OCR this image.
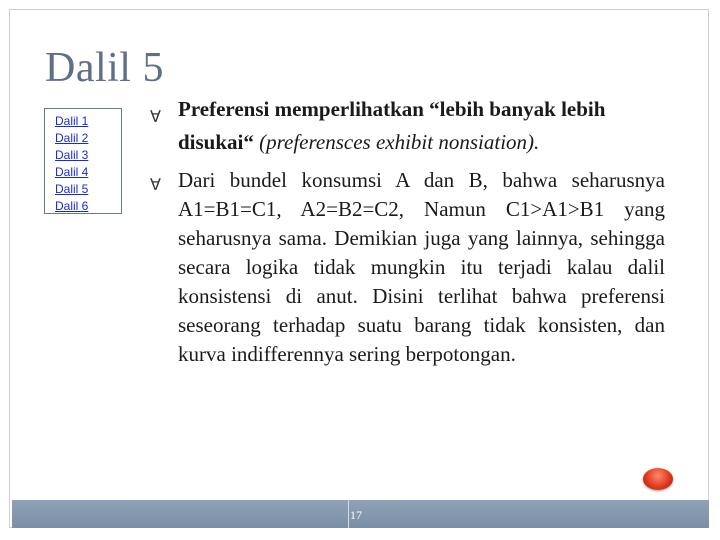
Dalil 5
Dalil 1
Dalil 2
Dalil 3
Dalil 4
Dalil 5
Dalil 6
∀ Preferensi memperlihatkan “lebih banyak lebih disukai“ (preferensces exhibit nonsiation).
∀ Dari bundel konsumsi A dan B, bahwa seharusnya A1=B1=C1, A2=B2=C2, Namun C1>A1>B1 yang seharusnya sama. Demikian juga yang lainnya, sehingga secara logika tidak mungkin itu terjadi kalau dalil konsistensi di anut. Disini terlihat bahwa preferensi seseorang terhadap suatu barang tidak konsisten, dan kurva indifferennya sering berpotongan.
17
